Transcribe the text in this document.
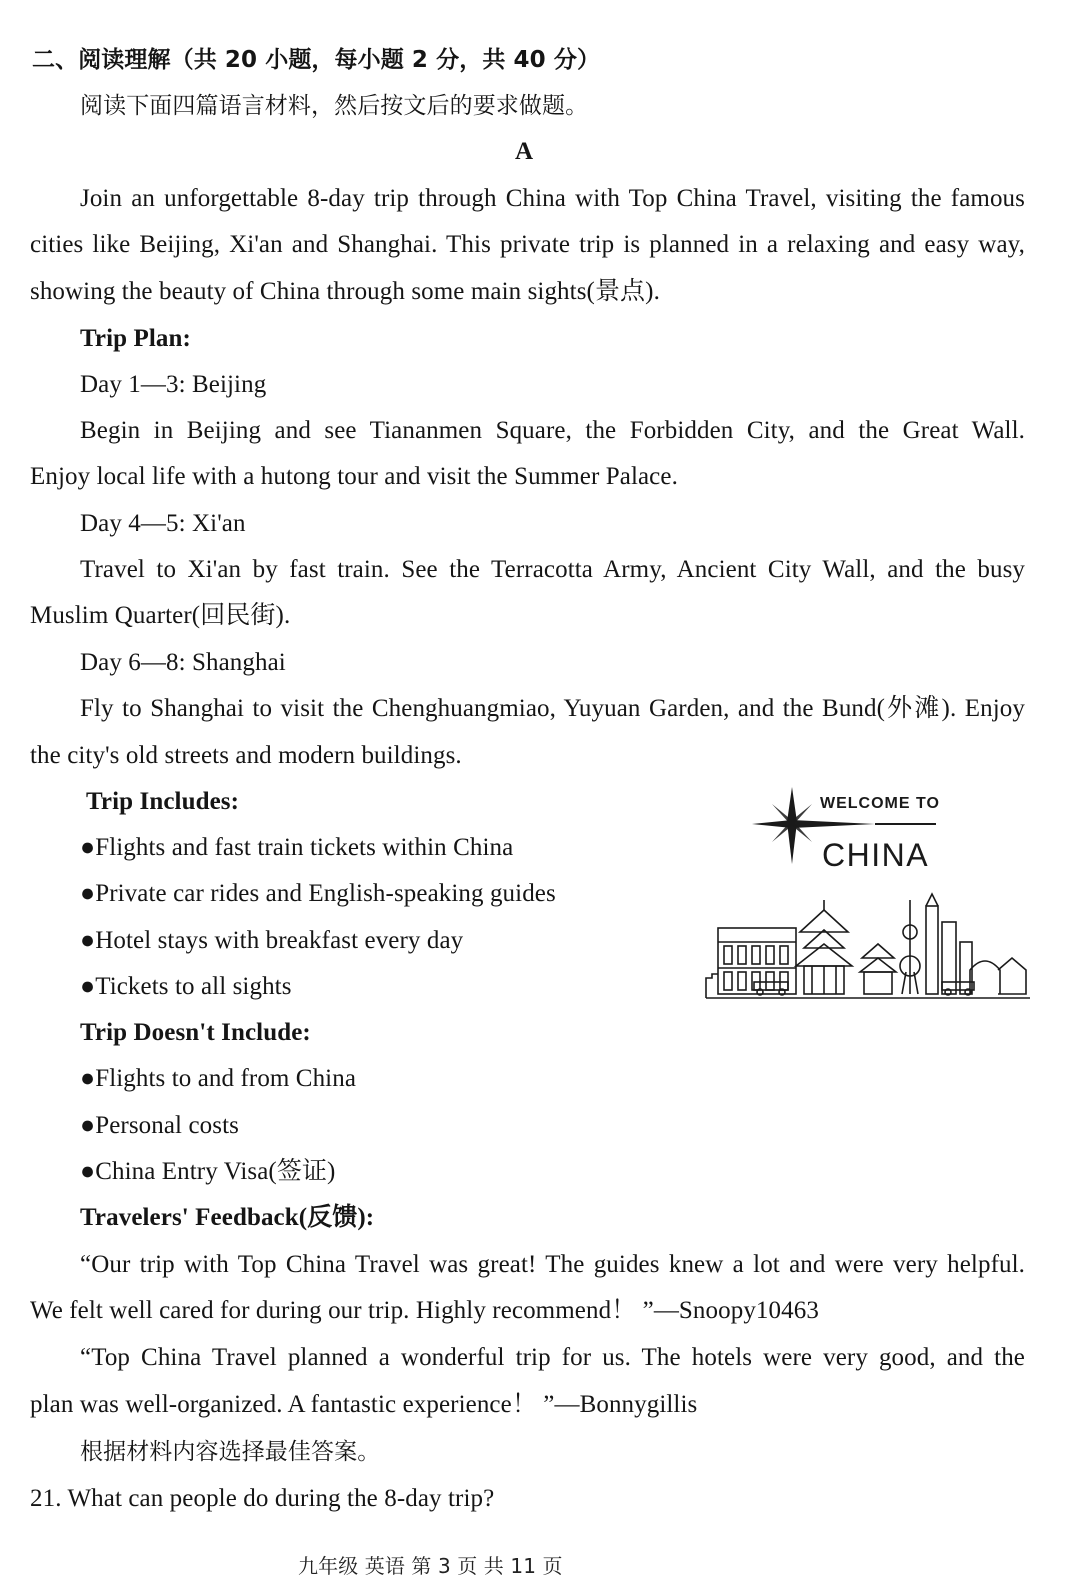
二、阅读理解（共 20 小题，每小题 2 分，共 40 分）
阅读下面四篇语言材料，然后按文后的要求做题。
A
Join an unforgettable 8-day trip through China with Top China Travel, visiting the famous
cities like Beijing, Xi'an and Shanghai. This private trip is planned in a relaxing and easy way,
showing the beauty of China through some main sights(景点).
Trip Plan:
Day 1—3: Beijing
Begin in Beijing and see Tiananmen Square, the Forbidden City, and the Great Wall.
Enjoy local life with a hutong tour and visit the Summer Palace.
Day 4—5: Xi'an
Travel to Xi'an by fast train. See the Terracotta Army, Ancient City Wall, and the busy
Muslim Quarter(回民街).
Day 6—8: Shanghai
Fly to Shanghai to visit the Chenghuangmiao, Yuyuan Garden, and the Bund(外滩). Enjoy
the city's old streets and modern buildings.
Trip Includes:
●Flights and fast train tickets within China
●Private car rides and English-speaking guides
●Hotel stays with breakfast every day
●Tickets to all sights
Trip Doesn't Include:
●Flights to and from China
●Personal costs
●China Entry Visa(签证)
Travelers' Feedback(反馈):
“Our trip with Top China Travel was great! The guides knew a lot and were very helpful.
We felt well cared for during our trip. Highly recommend！ ”—Snoopy10463
“Top China Travel planned a wonderful trip for us. The hotels were very good, and the
plan was well-organized. A fantastic experience！ ”—Bonnygillis
根据材料内容选择最佳答案。
21. What can people do during the 8-day trip?
九年级 英语 第 3 页 共 11 页
WELCOME TO
CHINA
